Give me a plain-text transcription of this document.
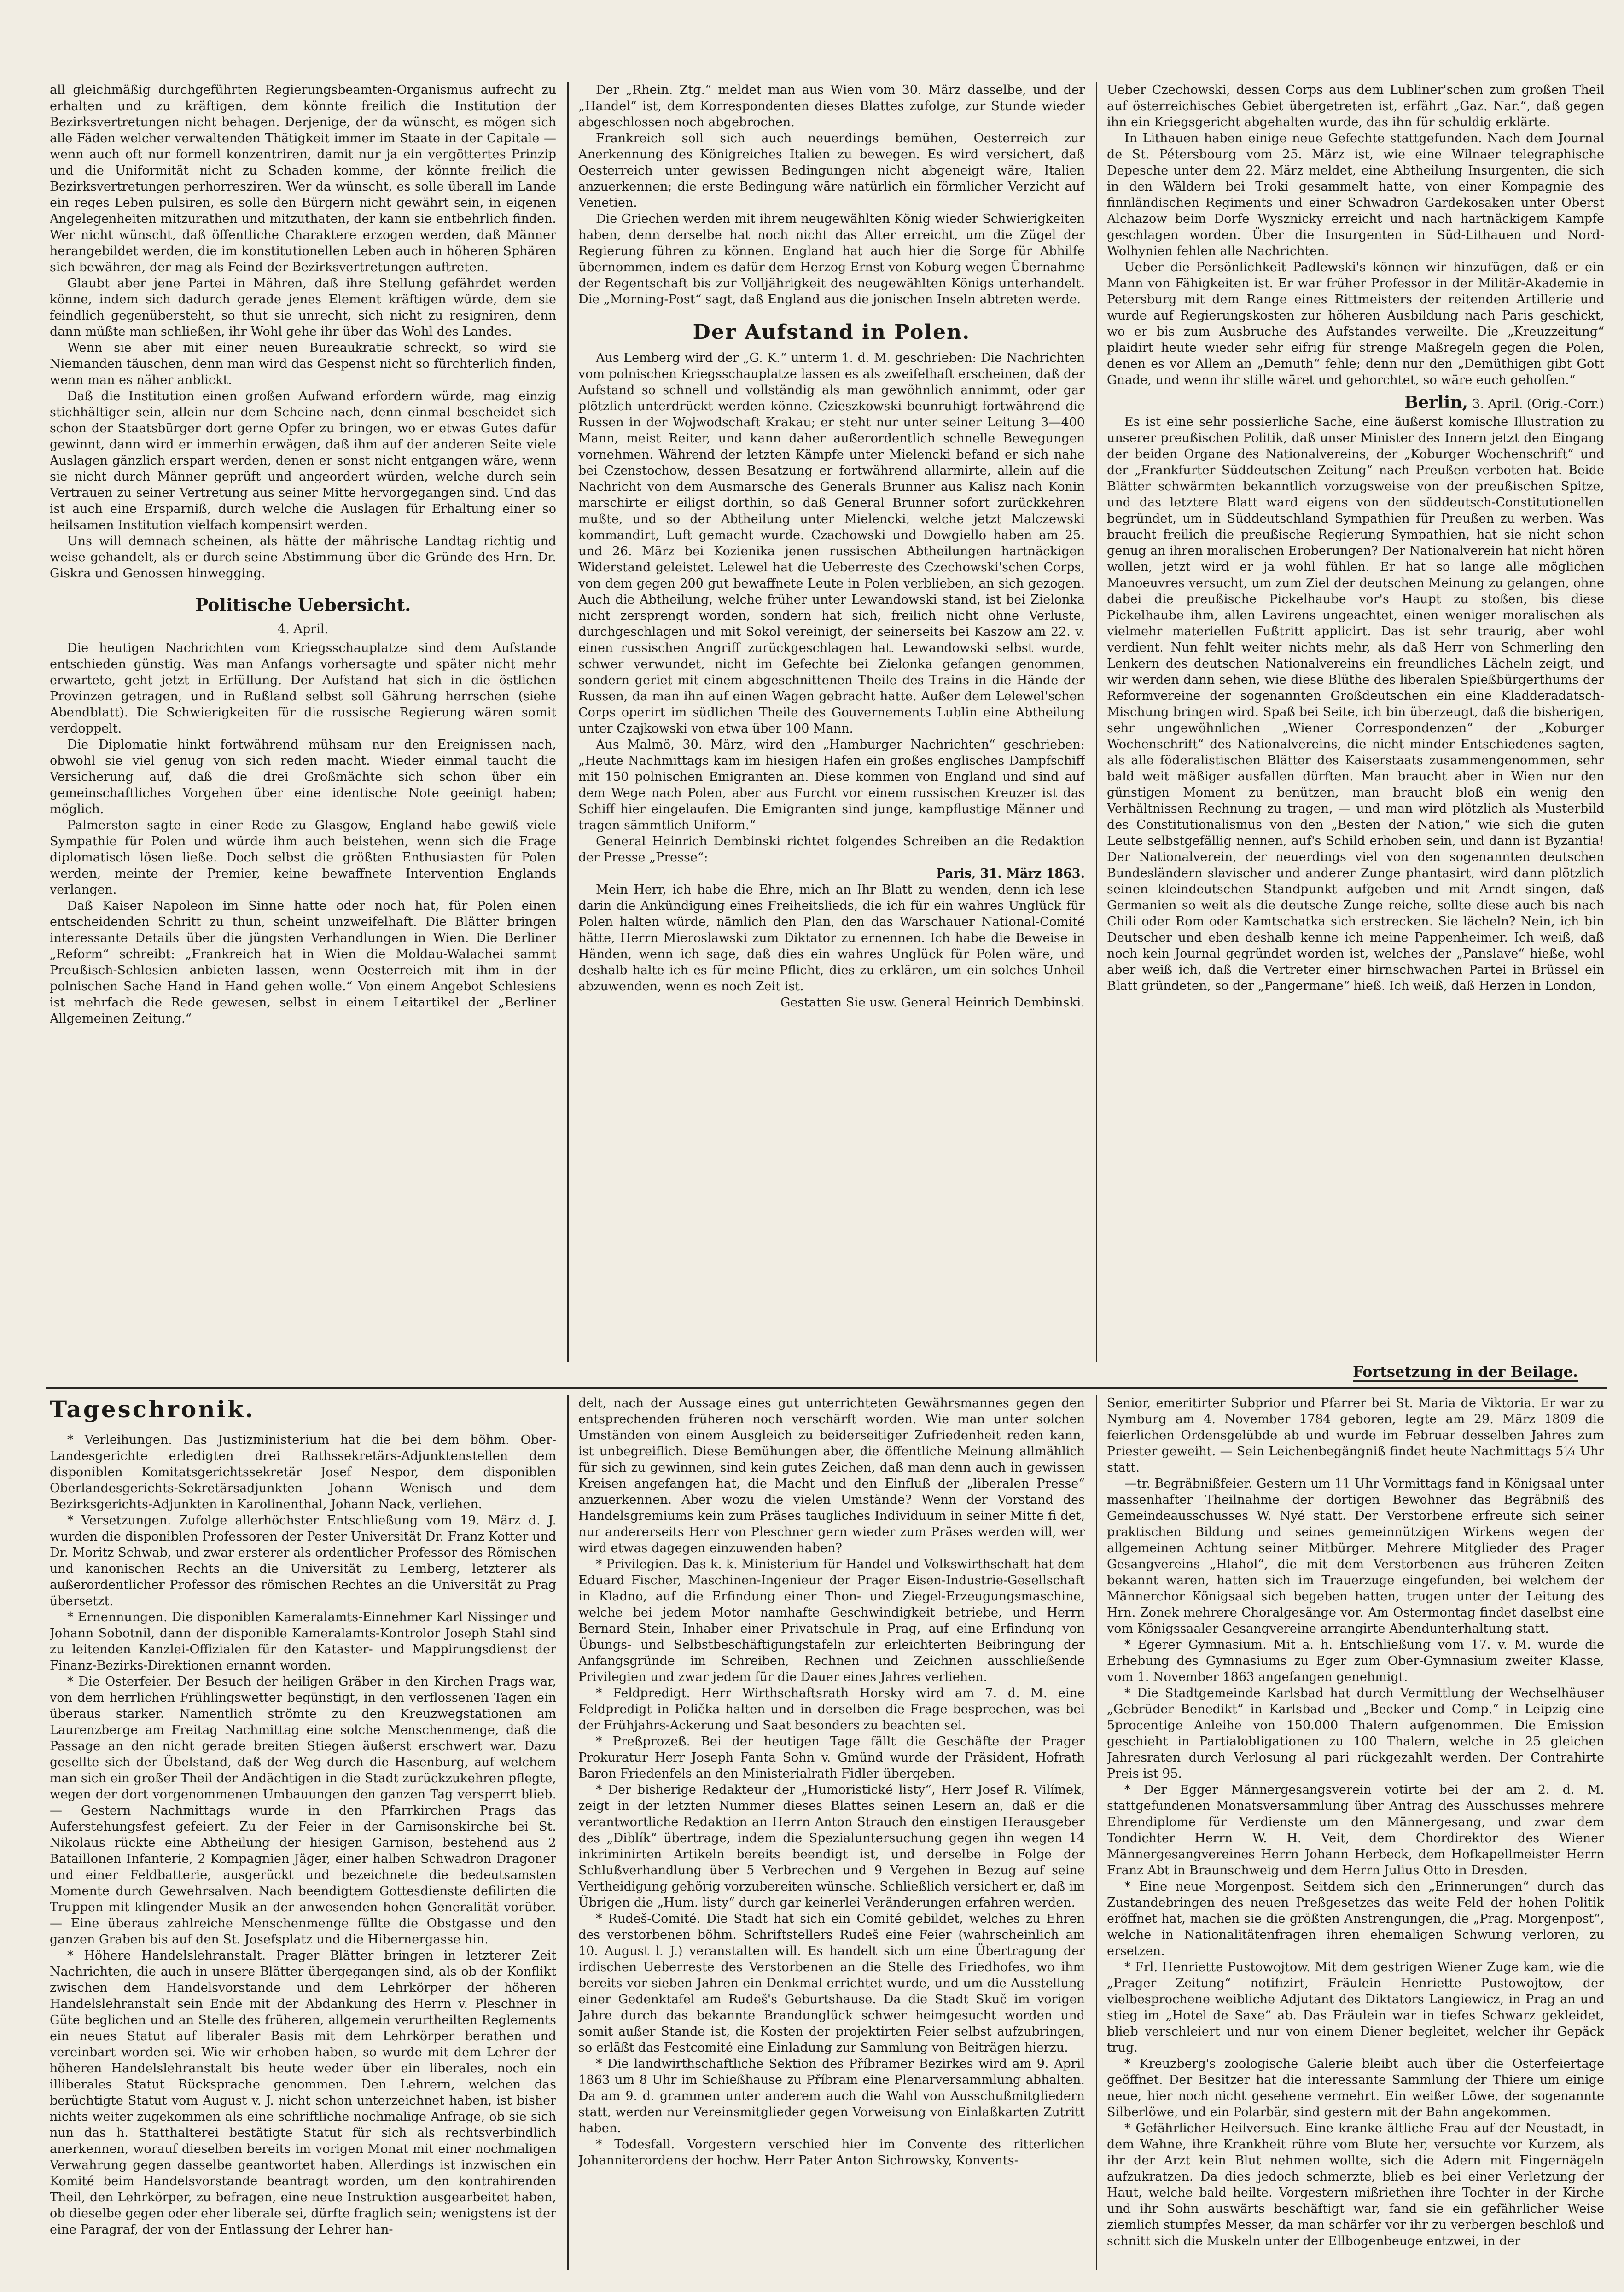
all gleichmäßig durchgeführten Regierungsbeamten-Organismus aufrecht zu erhalten und zu kräftigen, dem könnte freilich die Institution der Bezirksvertretungen nicht behagen. Derjenige, der da wünscht, es mögen sich alle Fäden welcher verwaltenden Thätigkeit immer im Staate in der Capitale — wenn auch oft nur formell konzentriren, damit nur ja ein vergöttertes Prinzip und die Uniformität nicht zu Schaden komme, der könnte freilich die Bezirksvertretungen perhorresziren. Wer da wünscht, es solle überall im Lande ein reges Leben pulsiren, es solle den Bürgern nicht gewährt sein, in eigenen Angelegenheiten mitzurathen und mitzuthaten, der kann sie entbehrlich finden. Wer nicht wünscht, daß öffentliche Charaktere erzogen werden, daß Männer herangebildet werden, die im konstitutionellen Leben auch in höheren Sphären sich bewähren, der mag als Feind der Bezirksvertretungen auftreten.

Glaubt aber jene Partei in Mähren, daß ihre Stellung gefährdet werden könne, indem sich dadurch gerade jenes Element kräftigen würde, dem sie feindlich gegenübersteht, so thut sie unrecht, sich nicht zu resigniren, denn dann müßte man schließen, ihr Wohl gehe ihr über das Wohl des Landes.

Wenn sie aber mit einer neuen Bureaukratie schreckt, so wird sie Niemanden täuschen, denn man wird das Gespenst nicht so fürchterlich finden, wenn man es näher anblickt.

Daß die Institution einen großen Aufwand erfordern würde, mag einzig stichhältiger sein, allein nur dem Scheine nach, denn einmal bescheidet sich schon der Staatsbürger dort gerne Opfer zu bringen, wo er etwas Gutes dafür gewinnt, dann wird er immerhin erwägen, daß ihm auf der anderen Seite viele Auslagen gänzlich erspart werden, denen er sonst nicht entgangen wäre, wenn sie nicht durch Männer geprüft und angeordert würden, welche durch sein Vertrauen zu seiner Vertretung aus seiner Mitte hervorgegangen sind. Und das ist auch eine Ersparniß, durch welche die Auslagen für Erhaltung einer so heilsamen Institution vielfach kompensirt werden.

Uns will demnach scheinen, als hätte der mährische Landtag richtig und weise gehandelt, als er durch seine Abstimmung über die Gründe des Hrn. Dr. Giskra und Genossen hinwegging.

Politische Uebersicht.

4. April.

Die heutigen Nachrichten vom Kriegsschauplatze sind dem Aufstande entschieden günstig. Was man Anfangs vorhersagte und später nicht mehr erwartete, geht jetzt in Erfüllung. Der Aufstand hat sich in die östlichen Provinzen getragen, und in Rußland selbst soll Gährung herrschen (siehe Abendblatt). Die Schwierigkeiten für die russische Regierung wären somit verdoppelt.

Die Diplomatie hinkt fortwährend mühsam nur den Ereignissen nach, obwohl sie viel genug von sich reden macht. Wieder einmal taucht die Versicherung auf, daß die drei Großmächte sich schon über ein gemeinschaftliches Vorgehen über eine identische Note geeinigt haben; möglich.

Palmerston sagte in einer Rede zu Glasgow, England habe gewiß viele Sympathie für Polen und würde ihm auch beistehen, wenn sich die Frage diplomatisch lösen ließe. Doch selbst die größten Enthusiasten für Polen werden, meinte der Premier, keine bewaffnete Intervention Englands verlangen.

Daß Kaiser Napoleon im Sinne hatte oder noch hat, für Polen einen entscheidenden Schritt zu thun, scheint unzweifelhaft. Die Blätter bringen interessante Details über die jüngsten Verhandlungen in Wien. Die Berliner „Reform“ schreibt: „Frankreich hat in Wien die Moldau-Walachei sammt Preußisch-Schlesien anbieten lassen, wenn Oesterreich mit ihm in der polnischen Sache Hand in Hand gehen wolle.“ Von einem Angebot Schlesiens ist mehrfach die Rede gewesen, selbst in einem Leitartikel der „Berliner Allgemeinen Zeitung.“

Der „Rhein. Ztg.“ meldet man aus Wien vom 30. März dasselbe, und der „Handel“ ist, dem Korrespondenten dieses Blattes zufolge, zur Stunde wieder abgeschlossen noch abgebrochen.

Frankreich soll sich auch neuerdings bemühen, Oesterreich zur Anerkennung des Königreiches Italien zu bewegen. Es wird versichert, daß Oesterreich unter gewissen Bedingungen nicht abgeneigt wäre, Italien anzuerkennen; die erste Bedingung wäre natürlich ein förmlicher Verzicht auf Venetien.

Die Griechen werden mit ihrem neugewählten König wieder Schwierigkeiten haben, denn derselbe hat noch nicht das Alter erreicht, um die Zügel der Regierung führen zu können. England hat auch hier die Sorge für Abhilfe übernommen, indem es dafür dem Herzog Ernst von Koburg wegen Übernahme der Regentschaft bis zur Volljährigkeit des neugewählten Königs unterhandelt. Die „Morning-Post“ sagt, daß England aus die jonischen Inseln abtreten werde.

Der Aufstand in Polen.

Aus Lemberg wird der „G. K.“ unterm 1. d. M. geschrieben: Die Nachrichten vom polnischen Kriegsschauplatze lassen es als zweifelhaft erscheinen, daß der Aufstand so schnell und vollständig als man gewöhnlich annimmt, oder gar plötzlich unterdrückt werden könne. Czieszkowski beunruhigt fortwährend die Russen in der Wojwodschaft Krakau; er steht nur unter seiner Leitung 3—400 Mann, meist Reiter, und kann daher außerordentlich schnelle Bewegungen vornehmen. Während der letzten Kämpfe unter Mielencki befand er sich nahe bei Czenstochow, dessen Besatzung er fortwährend allarmirte, allein auf die Nachricht von dem Ausmarsche des Generals Brunner aus Kalisz nach Konin marschirte er eiligst dorthin, so daß General Brunner sofort zurückkehren mußte, und so der Abtheilung unter Mielencki, welche jetzt Malczewski kommandirt, Luft gemacht wurde. Czachowski und Dowgiello haben am 25. und 26. März bei Kozienika jenen russischen Abtheilungen hartnäckigen Widerstand geleistet. Lelewel hat die Ueberreste des Czechowski'schen Corps, von dem gegen 200 gut bewaffnete Leute in Polen verblieben, an sich gezogen. Auch die Abtheilung, welche früher unter Lewandowski stand, ist bei Zielonka nicht zersprengt worden, sondern hat sich, freilich nicht ohne Verluste, durchgeschlagen und mit Sokol vereinigt, der seinerseits bei Kaszow am 22. v. einen russischen Angriff zurückgeschlagen hat. Lewandowski selbst wurde, schwer verwundet, nicht im Gefechte bei Zielonka gefangen genommen, sondern geriet mit einem abgeschnittenen Theile des Trains in die Hände der Russen, da man ihn auf einen Wagen gebracht hatte. Außer dem Lelewel'schen Corps operirt im südlichen Theile des Gouvernements Lublin eine Abtheilung unter Czajkowski von etwa über 100 Mann.

Aus Malmö, 30. März, wird den „Hamburger Nachrichten“ geschrieben: „Heute Nachmittags kam im hiesigen Hafen ein großes englisches Dampfschiff mit 150 polnischen Emigranten an. Diese kommen von England und sind auf dem Wege nach Polen, aber aus Furcht vor einem russischen Kreuzer ist das Schiff hier eingelaufen. Die Emigranten sind junge, kampflustige Männer und tragen sämmtlich Uniform.“

General Heinrich Dembinski richtet folgendes Schreiben an die Redaktion der Presse „Presse“:

Paris, 31. März 1863.

Mein Herr, ich habe die Ehre, mich an Ihr Blatt zu wenden, denn ich lese darin die Ankündigung eines Freiheitslieds, die ich für ein wahres Unglück für Polen halten würde, nämlich den Plan, den das Warschauer National-Comité hätte, Herrn Mieroslawski zum Diktator zu ernennen. Ich habe die Beweise in Händen, wenn ich sage, daß dies ein wahres Unglück für Polen wäre, und deshalb halte ich es für meine Pflicht, dies zu erklären, um ein solches Unheil abzuwenden, wenn es noch Zeit ist.

Gestatten Sie usw. General Heinrich Dembinski.

Ueber Czechowski, dessen Corps aus dem Lubliner'schen zum großen Theil auf österreichisches Gebiet übergetreten ist, erfährt „Gaz. Nar.“, daß gegen ihn ein Kriegsgericht abgehalten wurde, das ihn für schuldig erklärte.

In Lithauen haben einige neue Gefechte stattgefunden. Nach dem Journal de St. Pétersbourg vom 25. März ist, wie eine Wilnaer telegraphische Depesche unter dem 22. März meldet, eine Abtheilung Insurgenten, die sich in den Wäldern bei Troki gesammelt hatte, von einer Kompagnie des finnländischen Regiments und einer Schwadron Gardekosaken unter Oberst Alchazow beim Dorfe Wysznicky erreicht und nach hartnäckigem Kampfe geschlagen worden. Über die Insurgenten in Süd-Lithauen und Nord-Wolhynien fehlen alle Nachrichten.

Ueber die Persönlichkeit Padlewski's können wir hinzufügen, daß er ein Mann von Fähigkeiten ist. Er war früher Professor in der Militär-Akademie in Petersburg mit dem Range eines Rittmeisters der reitenden Artillerie und wurde auf Regierungskosten zur höheren Ausbildung nach Paris geschickt, wo er bis zum Ausbruche des Aufstandes verweilte. Die „Kreuzzeitung“ plaidirt heute wieder sehr eifrig für strenge Maßregeln gegen die Polen, denen es vor Allem an „Demuth“ fehle; denn nur den „Demüthigen gibt Gott Gnade, und wenn ihr stille wäret und gehorchtet, so wäre euch geholfen.“

Berlin, 3. April. (Orig.-Corr.)

Es ist eine sehr possierliche Sache, eine äußerst komische Illustration zu unserer preußischen Politik, daß unser Minister des Innern jetzt den Eingang der beiden Organe des Nationalvereins, der „Koburger Wochenschrift“ und der „Frankfurter Süddeutschen Zeitung“ nach Preußen verboten hat. Beide Blätter schwärmten bekanntlich vorzugsweise von der preußischen Spitze, und das letztere Blatt ward eigens von den süddeutsch-Constitutionellen begründet, um in Süddeutschland Sympathien für Preußen zu werben. Was braucht freilich die preußische Regierung Sympathien, hat sie nicht schon genug an ihren moralischen Eroberungen? Der Nationalverein hat nicht hören wollen, jetzt wird er ja wohl fühlen. Er hat so lange alle möglichen Manoeuvres versucht, um zum Ziel der deutschen Meinung zu gelangen, ohne dabei die preußische Pickelhaube vor's Haupt zu stoßen, bis diese Pickelhaube ihm, allen Lavirens ungeachtet, einen weniger moralischen als vielmehr materiellen Fußtritt applicirt. Das ist sehr traurig, aber wohl verdient. Nun fehlt weiter nichts mehr, als daß Herr von Schmerling den Lenkern des deutschen Nationalvereins ein freundliches Lächeln zeigt, und wir werden dann sehen, wie diese Blüthe des liberalen Spießbürgerthums der Reformvereine der sogenannten Großdeutschen ein eine Kladderadatsch-Mischung bringen wird. Spaß bei Seite, ich bin überzeugt, daß die bisherigen, sehr ungewöhnlichen „Wiener Correspondenzen“ der „Koburger Wochenschrift“ des Nationalvereins, die nicht minder Entschiedenes sagten, als alle föderalistischen Blätter des Kaiserstaats zusammengenommen, sehr bald weit mäßiger ausfallen dürften. Man braucht aber in Wien nur den günstigen Moment zu benützen, man braucht bloß ein wenig den Verhältnissen Rechnung zu tragen, — und man wird plötzlich als Musterbild des Constitutionalismus von den „Besten der Nation,“ wie sich die guten Leute selbstgefällig nennen, auf's Schild erhoben sein, und dann ist Byzantia! Der Nationalverein, der neuerdings viel von den sogenannten deutschen Bundesländern slavischer und anderer Zunge phantasirt, wird dann plötzlich seinen kleindeutschen Standpunkt aufgeben und mit Arndt singen, daß Germanien so weit als die deutsche Zunge reiche, sollte diese auch bis nach Chili oder Rom oder Kamtschatka sich erstrecken. Sie lächeln? Nein, ich bin Deutscher und eben deshalb kenne ich meine Pappenheimer. Ich weiß, daß noch kein Journal gegründet worden ist, welches der „Panslave“ hieße, wohl aber weiß ich, daß die Vertreter einer hirnschwachen Partei in Brüssel ein Blatt gründeten, so der „Pangermane“ hieß. Ich weiß, daß Herzen in London,

Fortsetzung in der Beilage.

Tageschronik.

* Verleihungen. Das Justizministerium hat die bei dem böhm. Ober-Landesgerichte erledigten drei Rathssekretärs-Adjunktenstellen dem disponiblen Komitatsgerichtssekretär Josef Nespor, dem disponiblen Oberlandesgerichts-Sekretärsadjunkten Johann Wenisch und dem Bezirksgerichts-Adjunkten in Karolinenthal, Johann Nack, verliehen.

* Versetzungen. Zufolge allerhöchster Entschließung vom 19. März d. J. wurden die disponiblen Professoren der Pester Universität Dr. Franz Kotter und Dr. Moritz Schwab, und zwar ersterer als ordentlicher Professor des Römischen und kanonischen Rechts an die Universität zu Lemberg, letzterer als außerordentlicher Professor des römischen Rechtes an die Universität zu Prag übersetzt.

* Ernennungen. Die disponiblen Kameralamts-Einnehmer Karl Nissinger und Johann Sobotnil, dann der disponible Kameralamts-Kontrolor Joseph Stahl sind zu leitenden Kanzlei-Offizialen für den Kataster- und Mappirungsdienst der Finanz-Bezirks-Direktionen ernannt worden.

* Die Osterfeier. Der Besuch der heiligen Gräber in den Kirchen Prags war, von dem herrlichen Frühlingswetter begünstigt, in den verflossenen Tagen ein überaus starker. Namentlich strömte zu den Kreuzwegstationen am Laurenzberge am Freitag Nachmittag eine solche Menschenmenge, daß die Passage an den nicht gerade breiten Stiegen äußerst erschwert war. Dazu gesellte sich der Übelstand, daß der Weg durch die Hasenburg, auf welchem man sich ein großer Theil der Andächtigen in die Stadt zurückzukehren pflegte, wegen der dort vorgenommenen Umbauungen den ganzen Tag versperrt blieb. — Gestern Nachmittags wurde in den Pfarrkirchen Prags das Auferstehungsfest gefeiert. Zu der Feier in der Garnisonskirche bei St. Nikolaus rückte eine Abtheilung der hiesigen Garnison, bestehend aus 2 Bataillonen Infanterie, 2 Kompagnien Jäger, einer halben Schwadron Dragoner und einer Feldbatterie, ausgerückt und bezeichnete die bedeutsamsten Momente durch Gewehrsalven. Nach beendigtem Gottesdienste defilirten die Truppen mit klingender Musik an der anwesenden hohen Generalität vorüber. — Eine überaus zahlreiche Menschenmenge füllte die Obstgasse und den ganzen Graben bis auf den St. Josefsplatz und die Hibernergasse hin.

* Höhere Handelslehranstalt. Prager Blätter bringen in letzterer Zeit Nachrichten, die auch in unsere Blätter übergegangen sind, als ob der Konflikt zwischen dem Handelsvorstande und dem Lehrkörper der höheren Handelslehranstalt sein Ende mit der Abdankung des Herrn v. Pleschner in Güte beglichen und an Stelle des früheren, allgemein verurtheilten Reglements ein neues Statut auf liberaler Basis mit dem Lehrkörper berathen und vereinbart worden sei. Wie wir erhoben haben, so wurde mit dem Lehrer der höheren Handelslehranstalt bis heute weder über ein liberales, noch ein illiberales Statut Rücksprache genommen. Den Lehrern, welchen das berüchtigte Statut vom August v. J. nicht schon unterzeichnet haben, ist bisher nichts weiter zugekommen als eine schriftliche nochmalige Anfrage, ob sie sich nun das h. Statthalterei bestätigte Statut für sich als rechtsverbindlich anerkennen, worauf dieselben bereits im vorigen Monat mit einer nochmaligen Verwahrung gegen dasselbe geantwortet haben. Allerdings ist inzwischen ein Komité beim Handelsvorstande beantragt worden, um den kontrahirenden Theil, den Lehrkörper, zu befragen, eine neue Instruktion ausgearbeitet haben, ob dieselbe gegen oder eher liberale sei, dürfte fraglich sein; wenigstens ist der eine Paragraf, der von der Entlassung der Lehrer han-

delt, nach der Aussage eines gut unterrichteten Gewährsmannes gegen den entsprechenden früheren noch verschärft worden. Wie man unter solchen Umständen von einem Ausgleich zu beiderseitiger Zufriedenheit reden kann, ist unbegreiflich. Diese Bemühungen aber, die öffentliche Meinung allmählich für sich zu gewinnen, sind kein gutes Zeichen, daß man denn auch in gewissen Kreisen angefangen hat, die Macht und den Einfluß der „liberalen Presse“ anzuerkennen. Aber wozu die vielen Umstände? Wenn der Vorstand des Handelsgremiums kein zum Präses taugliches Individuum in seiner Mitte fi det, nur andererseits Herr von Pleschner gern wieder zum Präses werden will, wer wird etwas dagegen einzuwenden haben?

* Privilegien. Das k. k. Ministerium für Handel und Volkswirthschaft hat dem Eduard Fischer, Maschinen-Ingenieur der Prager Eisen-Industrie-Gesellschaft in Kladno, auf die Erfindung einer Thon- und Ziegel-Erzeugungsmaschine, welche bei jedem Motor namhafte Geschwindigkeit betriebe, und Herrn Bernard Stein, Inhaber einer Privatschule in Prag, auf eine Erfindung von Übungs- und Selbstbeschäftigungstafeln zur erleichterten Beibringung der Anfangsgründe im Schreiben, Rechnen und Zeichnen ausschließende Privilegien und zwar jedem für die Dauer eines Jahres verliehen.

* Feldpredigt. Herr Wirthschaftsrath Horsky wird am 7. d. M. eine Feldpredigt in Polička halten und in derselben die Frage besprechen, was bei der Frühjahrs-Ackerung und Saat besonders zu beachten sei.

* Preßprozeß. Bei der heutigen Tage fällt die Geschäfte der Prager Prokuratur Herr Joseph Fanta Sohn v. Gmünd wurde der Präsident, Hofrath Baron Friedenfels an den Ministerialrath Fidler übergeben.

* Der bisherige Redakteur der „Humoristické listy“, Herr Josef R. Vilímek, zeigt in der letzten Nummer dieses Blattes seinen Lesern an, daß er die verantwortliche Redaktion an Herrn Anton Strauch den einstigen Herausgeber des „Diblík“ übertrage, indem die Spezialuntersuchung gegen ihn wegen 14 inkriminirten Artikeln bereits beendigt ist, und derselbe in Folge der Schlußverhandlung über 5 Verbrechen und 9 Vergehen in Bezug auf seine Vertheidigung gehörig vorzubereiten wünsche. Schließlich versichert er, daß im Übrigen die „Hum. listy“ durch gar keinerlei Veränderungen erfahren werden.

* Rudeš-Comité. Die Stadt hat sich ein Comité gebildet, welches zu Ehren des verstorbenen böhm. Schriftstellers Rudeš eine Feier (wahrscheinlich am 10. August l. J.) veranstalten will. Es handelt sich um eine Übertragung der irdischen Ueberreste des Verstorbenen an die Stelle des Friedhofes, wo ihm bereits vor sieben Jahren ein Denkmal errichtet wurde, und um die Ausstellung einer Gedenktafel am Rudeš's Geburtshause. Da die Stadt Skuč im vorigen Jahre durch das bekannte Brandunglück schwer heimgesucht worden und somit außer Stande ist, die Kosten der projektirten Feier selbst aufzubringen, so erläßt das Festcomité eine Einladung zur Sammlung von Beiträgen hierzu.

* Die landwirthschaftliche Sektion des Příbramer Bezirkes wird am 9. April 1863 um 8 Uhr im Schießhause zu Příbram eine Plenarversammlung abhalten. Da am 9. d. grammen unter anderem auch die Wahl von Ausschußmitgliedern statt, werden nur Vereinsmitglieder gegen Vorweisung von Einlaßkarten Zutritt haben.

* Todesfall. Vorgestern verschied hier im Convente des ritterlichen Johanniterordens der hochw. Herr Pater Anton Sichrowsky, Konvents-

Senior, emeritirter Subprior und Pfarrer bei St. Maria de Viktoria. Er war zu Nymburg am 4. November 1784 geboren, legte am 29. März 1809 die feierlichen Ordensgelübde ab und wurde im Februar desselben Jahres zum Priester geweiht. — Sein Leichenbegängniß findet heute Nachmittags 5¼ Uhr statt.

—tr. Begräbnißfeier. Gestern um 11 Uhr Vormittags fand in Königsaal unter massenhafter Theilnahme der dortigen Bewohner das Begräbniß des Gemeindeausschusses W. Nyé statt. Der Verstorbene erfreute sich seiner praktischen Bildung und seines gemeinnützigen Wirkens wegen der allgemeinen Achtung seiner Mitbürger. Mehrere Mitglieder des Prager Gesangvereins „Hlahol“, die mit dem Verstorbenen aus früheren Zeiten bekannt waren, hatten sich im Trauerzuge eingefunden, bei welchem der Männerchor Königsaal sich begeben hatten, trugen unter der Leitung des Hrn. Zonek mehrere Choralgesänge vor. Am Ostermontag findet daselbst eine vom Königssaaler Gesangvereine arrangirte Abendunterhaltung statt.

* Egerer Gymnasium. Mit a. h. Entschließung vom 17. v. M. wurde die Erhebung des Gymnasiums zu Eger zum Ober-Gymnasium zweiter Klasse, vom 1. November 1863 angefangen genehmigt.

* Die Stadtgemeinde Karlsbad hat durch Vermittlung der Wechselhäuser „Gebrüder Benedikt“ in Karlsbad und „Becker und Comp.“ in Leipzig eine 5procentige Anleihe von 150.000 Thalern aufgenommen. Die Emission geschieht in Partialobligationen zu 100 Thalern, welche in 25 gleichen Jahresraten durch Verlosung al pari rückgezahlt werden. Der Contrahirte Preis ist 95.

* Der Egger Männergesangsverein votirte bei der am 2. d. M. stattgefundenen Monatsversammlung über Antrag des Ausschusses mehrere Ehrendiplome für Verdienste um den Männergesang, und zwar dem Tondichter Herrn W. H. Veit, dem Chordirektor des Wiener Männergesangvereines Herrn Johann Herbeck, dem Hofkapellmeister Herrn Franz Abt in Braunschweig und dem Herrn Julius Otto in Dresden.

* Eine neue Morgenpost. Seitdem sich den „Erinnerungen“ durch das Zustandebringen des neuen Preßgesetzes das weite Feld der hohen Politik eröffnet hat, machen sie die größten Anstrengungen, die „Prag. Morgenpost“, welche in Nationalitätenfragen ihren ehemaligen Schwung verloren, zu ersetzen.

* Frl. Henriette Pustowojtow. Mit dem gestrigen Wiener Zuge kam, wie die „Prager Zeitung“ notifizirt, Fräulein Henriette Pustowojtow, der vielbesprochene weibliche Adjutant des Diktators Langiewicz, in Prag an und stieg im „Hotel de Saxe“ ab. Das Fräulein war in tiefes Schwarz gekleidet, blieb verschleiert und nur von einem Diener begleitet, welcher ihr Gepäck trug.

* Kreuzberg's zoologische Galerie bleibt auch über die Osterfeiertage geöffnet. Der Besitzer hat die interessante Sammlung der Thiere um einige neue, hier noch nicht gesehene vermehrt. Ein weißer Löwe, der sogenannte Silberlöwe, und ein Polarbär, sind gestern mit der Bahn angekommen.

* Gefährlicher Heilversuch. Eine kranke ältliche Frau auf der Neustadt, in dem Wahne, ihre Krankheit rühre vom Blute her, versuchte vor Kurzem, als ihr der Arzt kein Blut nehmen wollte, sich die Adern mit Fingernägeln aufzukratzen. Da dies jedoch schmerzte, blieb es bei einer Verletzung der Haut, welche bald heilte. Vorgestern mißriethen ihre Tochter in der Kirche und ihr Sohn auswärts beschäftigt war, fand sie ein gefährlicher Weise ziemlich stumpfes Messer, da man schärfer vor ihr zu verbergen beschloß und schnitt sich die Muskeln unter der Ellbogenbeuge entzwei, in der
